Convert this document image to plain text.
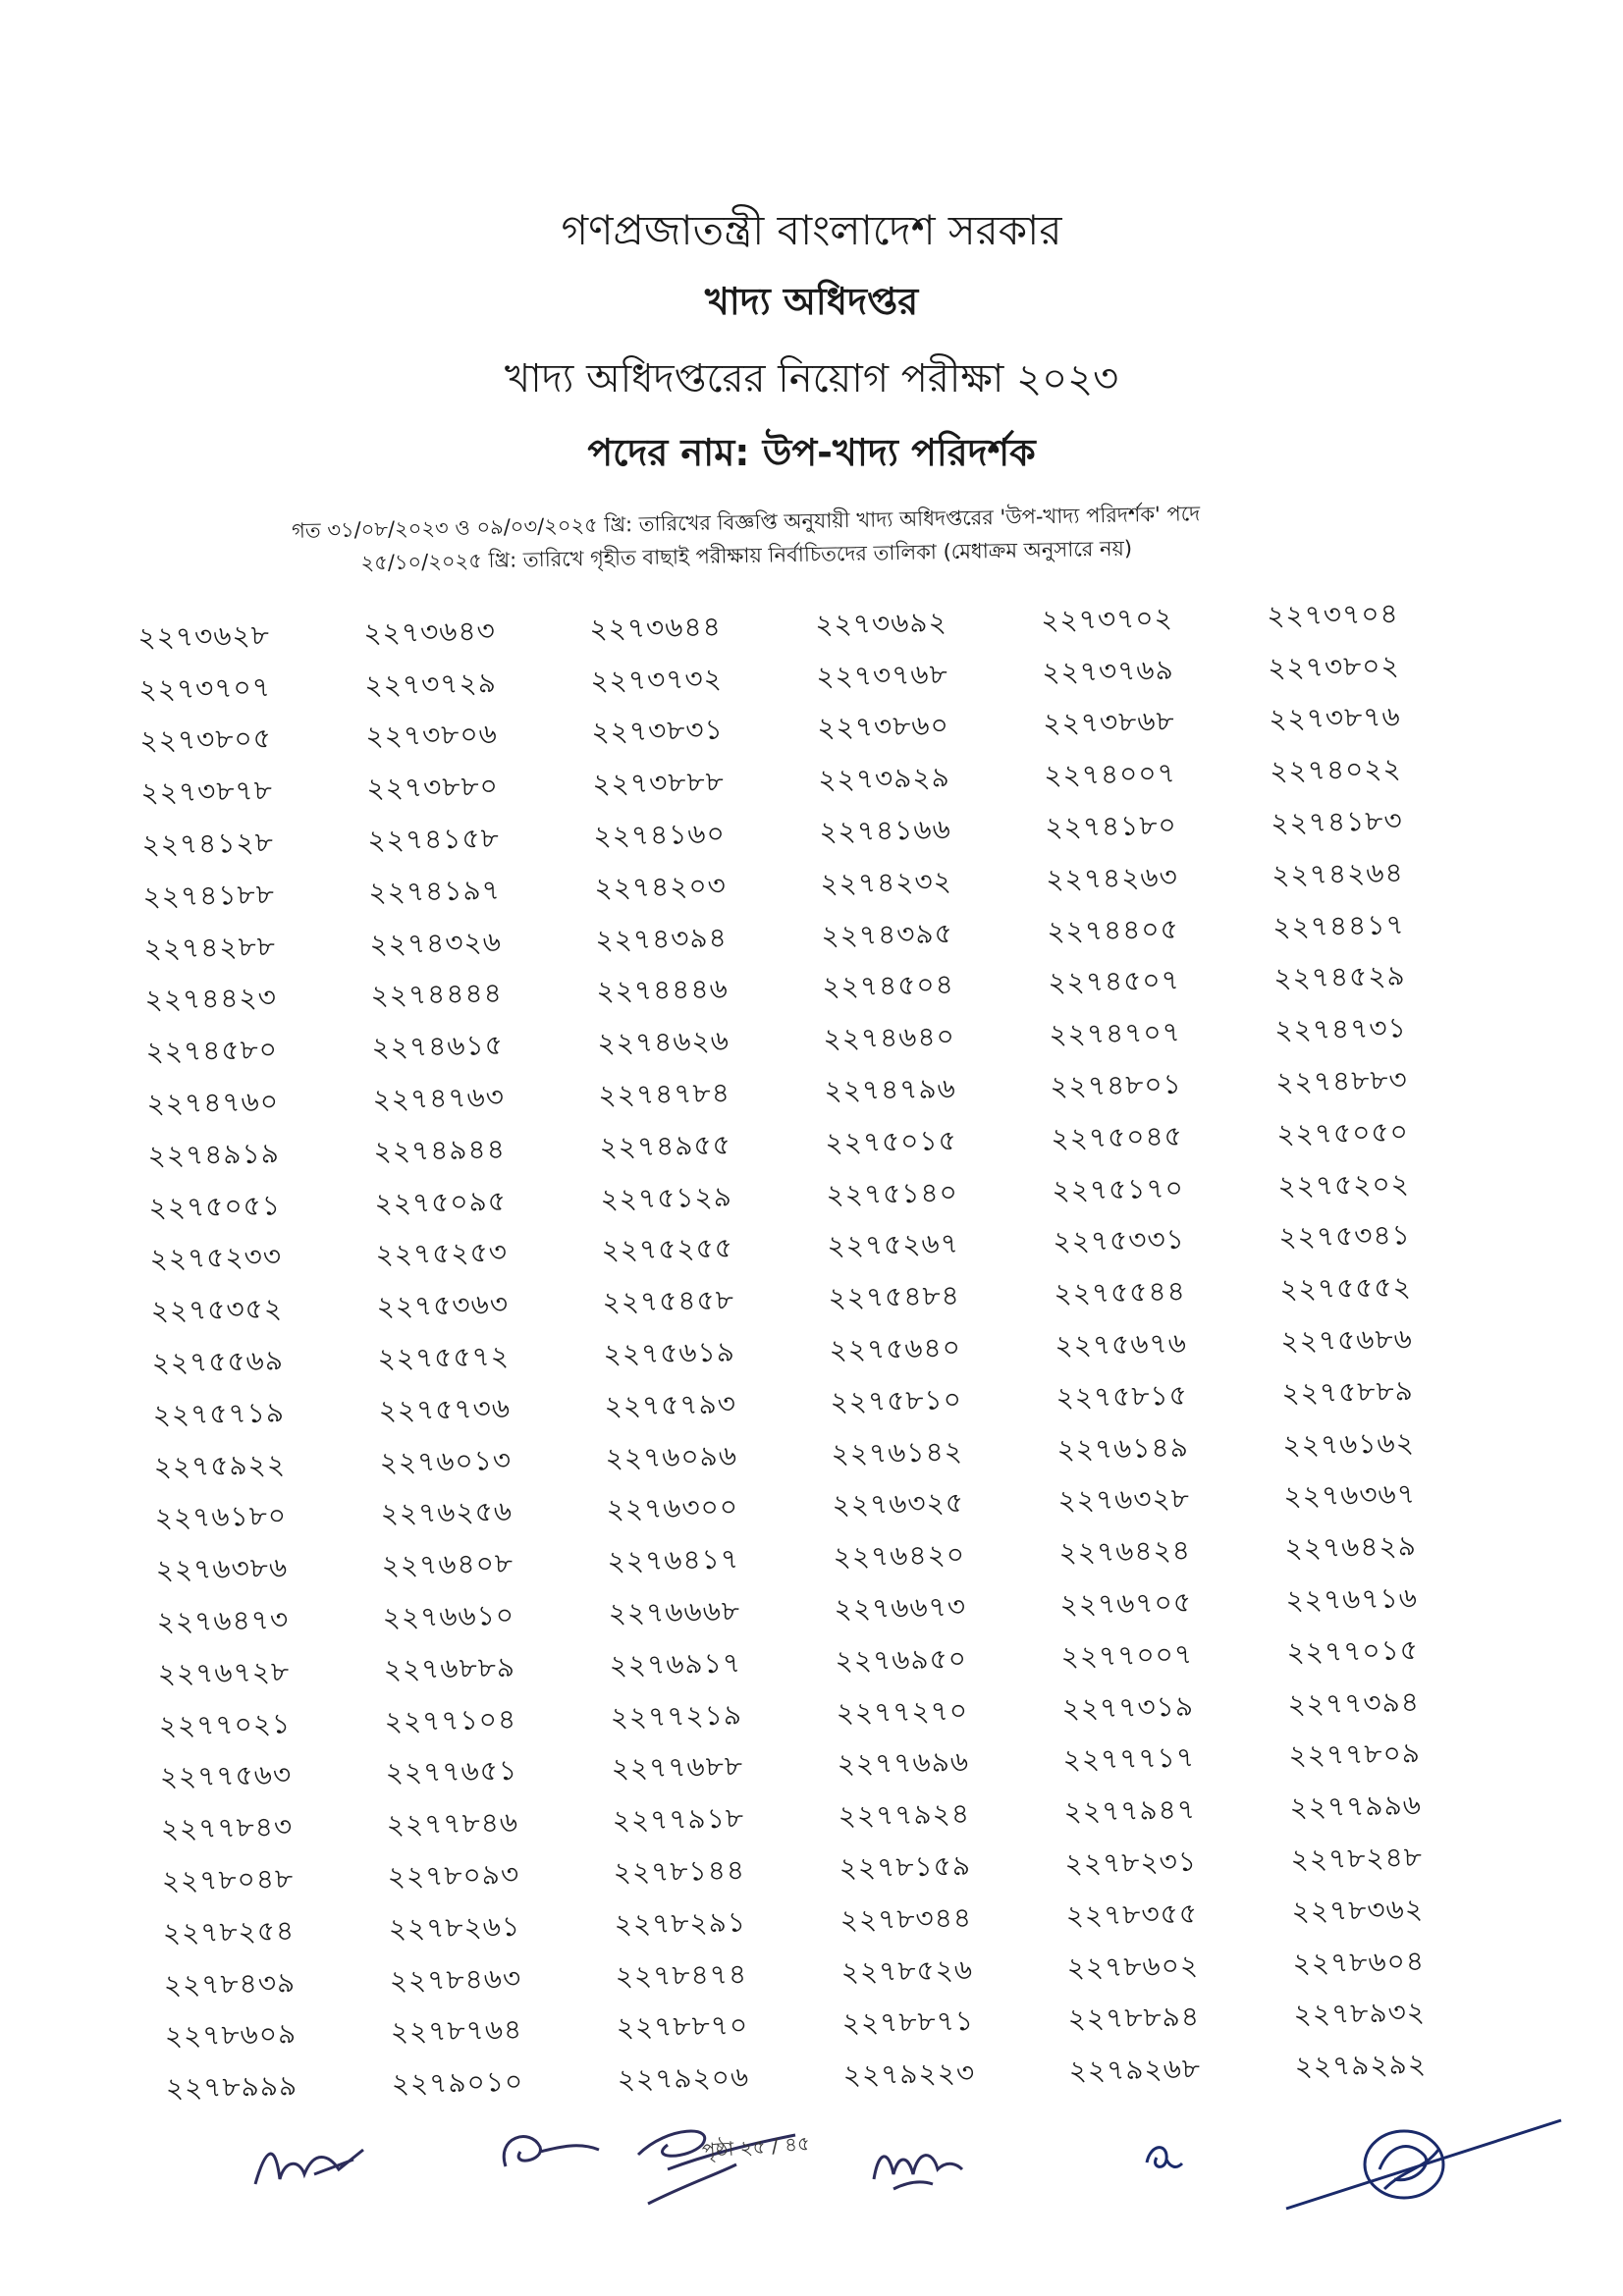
গণপ্রজাতন্ত্রী বাংলাদেশ সরকার

খাদ্য অধিদপ্তর

খাদ্য অধিদপ্তরের নিয়োগ পরীক্ষা ২০২৩

পদের নাম: উপ-খাদ্য পরিদর্শক

গত ৩১/০৮/২০২৩ ও ০৯/০৩/২০২৫ খ্রি: তারিখের বিজ্ঞপ্তি অনুযায়ী খাদ্য অধিদপ্তরের 'উপ-খাদ্য পরিদর্শক' পদে

২৫/১০/২০২৫ খ্রি: তারিখে গৃহীত বাছাই পরীক্ষায় নির্বাচিতদের তালিকা (মেধাক্রম অনুসারে নয়)

২২৭৩৬২৮	২২৭৩৬৪৩	২২৭৩৬৪৪	২২৭৩৬৯২	২২৭৩৭০২	২২৭৩৭০৪
২২৭৩৭০৭	২২৭৩৭২৯	২২৭৩৭৩২	২২৭৩৭৬৮	২২৭৩৭৬৯	২২৭৩৮০২
২২৭৩৮০৫	২২৭৩৮০৬	২২৭৩৮৩১	২২৭৩৮৬০	২২৭৩৮৬৮	২২৭৩৮৭৬
২২৭৩৮৭৮	২২৭৩৮৮০	২২৭৩৮৮৮	২২৭৩৯২৯	২২৭৪০০৭	২২৭৪০২২
২২৭৪১২৮	২২৭৪১৫৮	২২৭৪১৬০	২২৭৪১৬৬	২২৭৪১৮০	২২৭৪১৮৩
২২৭৪১৮৮	২২৭৪১৯৭	২২৭৪২০৩	২২৭৪২৩২	২২৭৪২৬৩	২২৭৪২৬৪
২২৭৪২৮৮	২২৭৪৩২৬	২২৭৪৩৯৪	২২৭৪৩৯৫	২২৭৪৪০৫	২২৭৪৪১৭
২২৭৪৪২৩	২২৭৪৪৪৪	২২৭৪৪৪৬	২২৭৪৫০৪	২২৭৪৫০৭	২২৭৪৫২৯
২২৭৪৫৮০	২২৭৪৬১৫	২২৭৪৬২৬	২২৭৪৬৪০	২২৭৪৭০৭	২২৭৪৭৩১
২২৭৪৭৬০	২২৭৪৭৬৩	২২৭৪৭৮৪	২২৭৪৭৯৬	২২৭৪৮০১	২২৭৪৮৮৩
২২৭৪৯১৯	২২৭৪৯৪৪	২২৭৪৯৫৫	২২৭৫০১৫	২২৭৫০৪৫	২২৭৫০৫০
২২৭৫০৫১	২২৭৫০৯৫	২২৭৫১২৯	২২৭৫১৪০	২২৭৫১৭০	২২৭৫২০২
২২৭৫২৩৩	২২৭৫২৫৩	২২৭৫২৫৫	২২৭৫২৬৭	২২৭৫৩৩১	২২৭৫৩৪১
২২৭৫৩৫২	২২৭৫৩৬৩	২২৭৫৪৫৮	২২৭৫৪৮৪	২২৭৫৫৪৪	২২৭৫৫৫২
২২৭৫৫৬৯	২২৭৫৫৭২	২২৭৫৬১৯	২২৭৫৬৪০	২২৭৫৬৭৬	২২৭৫৬৮৬
২২৭৫৭১৯	২২৭৫৭৩৬	২২৭৫৭৯৩	২২৭৫৮১০	২২৭৫৮১৫	২২৭৫৮৮৯
২২৭৫৯২২	২২৭৬০১৩	২২৭৬০৯৬	২২৭৬১৪২	২২৭৬১৪৯	২২৭৬১৬২
২২৭৬১৮০	২২৭৬২৫৬	২২৭৬৩০০	২২৭৬৩২৫	২২৭৬৩২৮	২২৭৬৩৬৭
২২৭৬৩৮৬	২২৭৬৪০৮	২২৭৬৪১৭	২২৭৬৪২০	২২৭৬৪২৪	২২৭৬৪২৯
২২৭৬৪৭৩	২২৭৬৬১০	২২৭৬৬৬৮	২২৭৬৬৭৩	২২৭৬৭০৫	২২৭৬৭১৬
২২৭৬৭২৮	২২৭৬৮৮৯	২২৭৬৯১৭	২২৭৬৯৫০	২২৭৭০০৭	২২৭৭০১৫
২২৭৭০২১	২২৭৭১০৪	২২৭৭২১৯	২২৭৭২৭০	২২৭৭৩১৯	২২৭৭৩৯৪
২২৭৭৫৬৩	২২৭৭৬৫১	২২৭৭৬৮৮	২২৭৭৬৯৬	২২৭৭৭১৭	২২৭৭৮০৯
২২৭৭৮৪৩	২২৭৭৮৪৬	২২৭৭৯১৮	২২৭৭৯২৪	২২৭৭৯৪৭	২২৭৭৯৯৬
২২৭৮০৪৮	২২৭৮০৯৩	২২৭৮১৪৪	২২৭৮১৫৯	২২৭৮২৩১	২২৭৮২৪৮
২২৭৮২৫৪	২২৭৮২৬১	২২৭৮২৯১	২২৭৮৩৪৪	২২৭৮৩৫৫	২২৭৮৩৬২
২২৭৮৪৩৯	২২৭৮৪৬৩	২২৭৮৪৭৪	২২৭৮৫২৬	২২৭৮৬০২	২২৭৮৬০৪
২২৭৮৬০৯	২২৭৮৭৬৪	২২৭৮৮৭০	২২৭৮৮৭১	২২৭৮৮৯৪	২২৭৮৯৩২
২২৭৮৯৯৯	২২৭৯০১০	২২৭৯২০৬	২২৭৯২২৩	২২৭৯২৬৮	২২৭৯২৯২
পৃষ্ঠা ২৫ / ৪৫
